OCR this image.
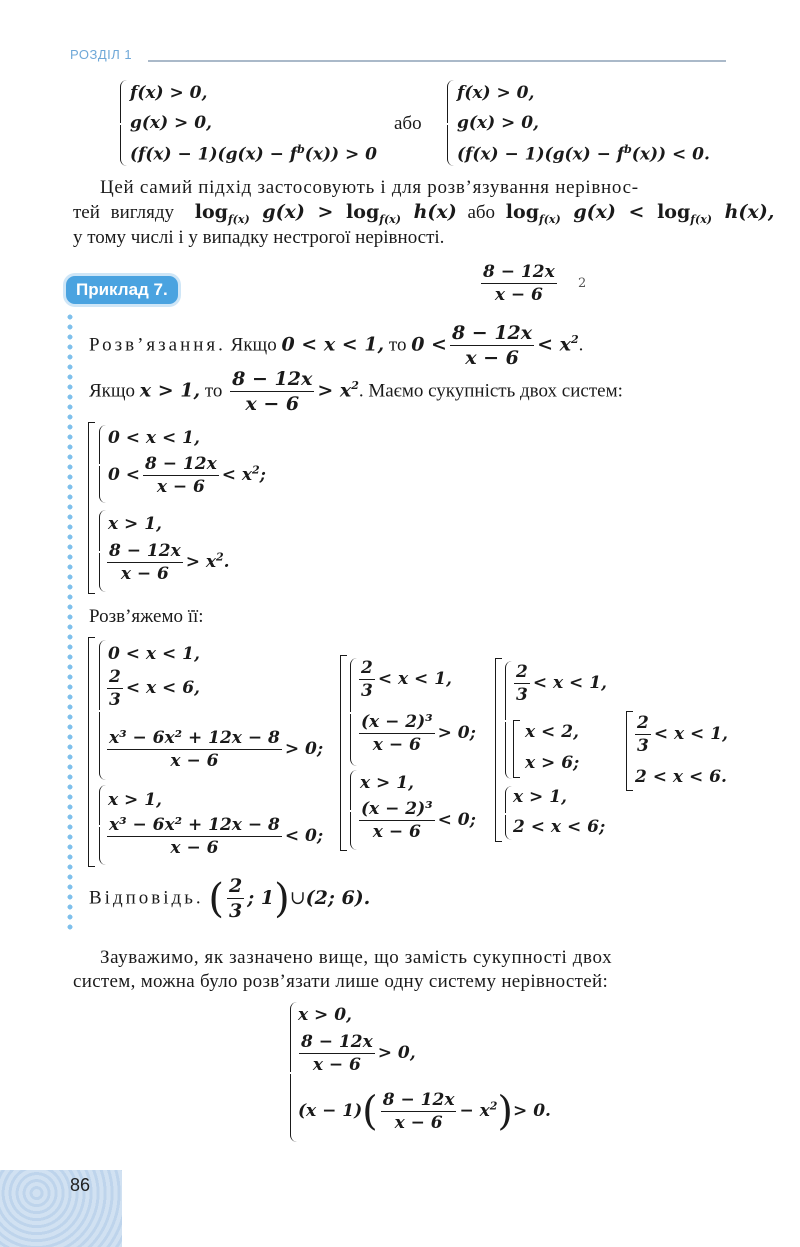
РОЗДІЛ 1
f(x) > 0,
g(x) > 0,
$(f(x) - 1)(g(x) - f^b(x)) > 0$
або
f(x) > 0,
g(x) > 0,
$(f(x) - 1)(g(x) - f^b(x)) < 0$.
Цей самий підхід застосовують і для розв’язування нерівнос-
тей вигляду $\log_{f(x)} g(x) > \log_{f(x)} h(x)$ або $\log_{f(x)} g(x) < \log_{f(x)} h(x)$,
у тому числі і у випадку нестрогої нерівності.
Приклад 7.	$\frac{8 - 12x}{x - 6} 2$
Розв’язання. Якщо 0 < x < 1, то $0 < \frac{8 - 12x}{x - 6} < x^2$.
Якщо x > 1, то $\frac{8 - 12x}{x - 6} > x^2$. Маємо сукупність двох систем:
0 < x < 1,
$0 < \frac{8 - 12x}{x - 6} < x^2$;
x > 1,
$\frac{8 - 12x}{x - 6} > x^2$.
Розв’яжемо її:
0 < x < 1,
$\frac{2}{3} < x < 6$,
$\frac{\text{x³ − 6x² + 12x − 8}}{x - 6} > 0$;
x > 1,
$\frac{\text{x³ − 6x² + 12x − 8}}{x - 6} < 0$;
$\frac{2}{3} < x < 1$,
$\frac{\text{(x − 2)³}}{x - 6} > 0$;
x > 1,
$\frac{\text{(x − 2)³}}{x - 6} < 0$;
$\frac{2}{3} < x < 1$,
x < 2,
x > 6;
x > 1,
2 < x < 6;
$\frac{2}{3} < x < 1$,
2 < x < 6.
Відповідь. ( $\frac{2}{3}$ ; 1)∪(2; 6).
Зауважимо, як зазначено вище, що замість сукупності двох
систем, можна було розв’язати лише одну систему нерівностей:
x > 0,
$\frac{8 - 12x}{x - 6} > 0$,
$(x - 1)( \frac{8 - 12x}{x - 6} - x^2)> 0$.
86
